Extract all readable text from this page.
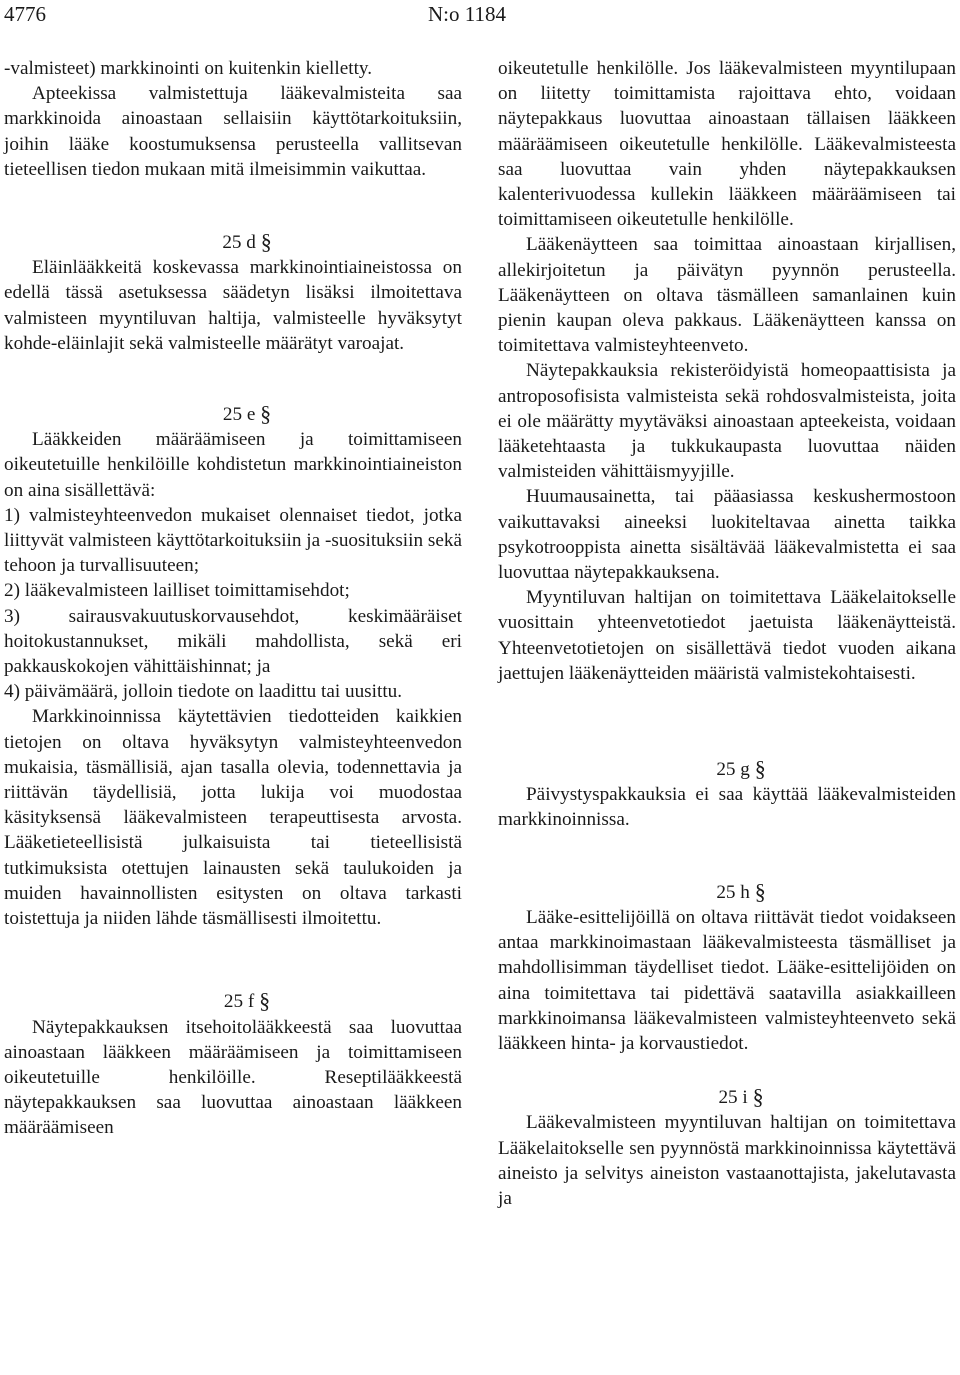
4776	N:o 1184

-valmisteet) markkinointi on kuitenkin kielletty.

Apteekissa valmistettuja lääkevalmisteita saa markkinoida ainoastaan sellaisiin käyttötarkoituksiin, joihin lääke koostumuksensa perusteella vallitsevan tieteellisen tiedon mukaan mitä ilmeisimmin vaikuttaa.

25 d §

Eläinlääkkeitä koskevassa markkinointiaineistossa on edellä tässä asetuksessa säädetyn lisäksi ilmoitettava valmisteen myyntiluvan haltija, valmisteelle hyväksytyt kohde-eläinlajit sekä valmisteelle määrätyt varoajat.

25 e §

Lääkkeiden määräämiseen ja toimittamiseen oikeutetuille henkilöille kohdistetun markkinointiaineiston on aina sisällettävä:

1) valmisteyhteenvedon mukaiset olennaiset tiedot, jotka liittyvät valmisteen käyttötarkoituksiin ja -suosituksiin sekä tehoon ja turvallisuuteen;

2) lääkevalmisteen lailliset toimittamisehdot;

3) sairausvakuutuskorvausehdot, keskimääräiset hoitokustannukset, mikäli mahdollista, sekä eri pakkauskokojen vähittäishinnat; ja

4) päivämäärä, jolloin tiedote on laadittu tai uusittu.

Markkinoinnissa käytettävien tiedotteiden kaikkien tietojen on oltava hyväksytyn valmisteyhteenvedon mukaisia, täsmällisiä, ajan tasalla olevia, todennettavia ja riittävän täydellisiä, jotta lukija voi muodostaa käsityksensä lääkevalmisteen terapeuttisesta arvosta. Lääketieteellisistä julkaisuista tai tieteellisistä tutkimuksista otettujen lainausten sekä taulukoiden ja muiden havainnollisten esitysten on oltava tarkasti toistettuja ja niiden lähde täsmällisesti ilmoitettu.

25 f §

Näytepakkauksen itsehoitolääkkeestä saa luovuttaa ainoastaan lääkkeen määräämiseen ja toimittamiseen oikeutetuille henkilöille. Reseptilääkkeestä näytepakkauksen saa luovuttaa ainoastaan lääkkeen määräämiseen

oikeutetulle henkilölle. Jos lääkevalmisteen myyntilupaan on liitetty toimittamista rajoittava ehto, voidaan näytepakkaus luovuttaa ainoastaan tällaisen lääkkeen määräämiseen oikeutetulle henkilölle. Lääkevalmisteesta saa luovuttaa vain yhden näytepakkauksen kalenterivuodessa kullekin lääkkeen määräämiseen tai toimittamiseen oikeutetulle henkilölle.

Lääkenäytteen saa toimittaa ainoastaan kirjallisen, allekirjoitetun ja päivätyn pyynnön perusteella. Lääkenäytteen on oltava täsmälleen samanlainen kuin pienin kaupan oleva pakkaus. Lääkenäytteen kanssa on toimitettava valmisteyhteenveto.

Näytepakkauksia rekisteröidyistä homeopaattisista ja antroposofisista valmisteista sekä rohdosvalmisteista, joita ei ole määrätty myytäväksi ainoastaan apteekeista, voidaan lääketehtaasta ja tukkukaupasta luovuttaa näiden valmisteiden vähittäismyyjille.

Huumausainetta, tai pääasiassa keskushermostoon vaikuttavaksi aineeksi luokiteltavaa ainetta taikka psykotrooppista ainetta sisältävää lääkevalmistetta ei saa luovuttaa näytepakkauksena.

Myyntiluvan haltijan on toimitettava Lääkelaitokselle vuosittain yhteenvetotiedot jaetuista lääkenäytteistä. Yhteenvetotietojen on sisällettävä tiedot vuoden aikana jaettujen lääkenäytteiden määristä valmistekohtaisesti.

25 g §

Päivystyspakkauksia ei saa käyttää lääkevalmisteiden markkinoinnissa.

25 h §

Lääke-esittelijöillä on oltava riittävät tiedot voidakseen antaa markkinoimastaan lääkevalmisteesta täsmälliset ja mahdollisimman täydelliset tiedot. Lääke-esittelijöiden on aina toimitettava tai pidettävä saatavilla asiakkailleen markkinoimansa lääkevalmisteen valmisteyhteenveto sekä lääkkeen hinta- ja korvaustiedot.

25 i §

Lääkevalmisteen myyntiluvan haltijan on toimitettava Lääkelaitokselle sen pyynnöstä markkinoinnissa käytettävä aineisto ja selvitys aineiston vastaanottajista, jakelutavasta ja
